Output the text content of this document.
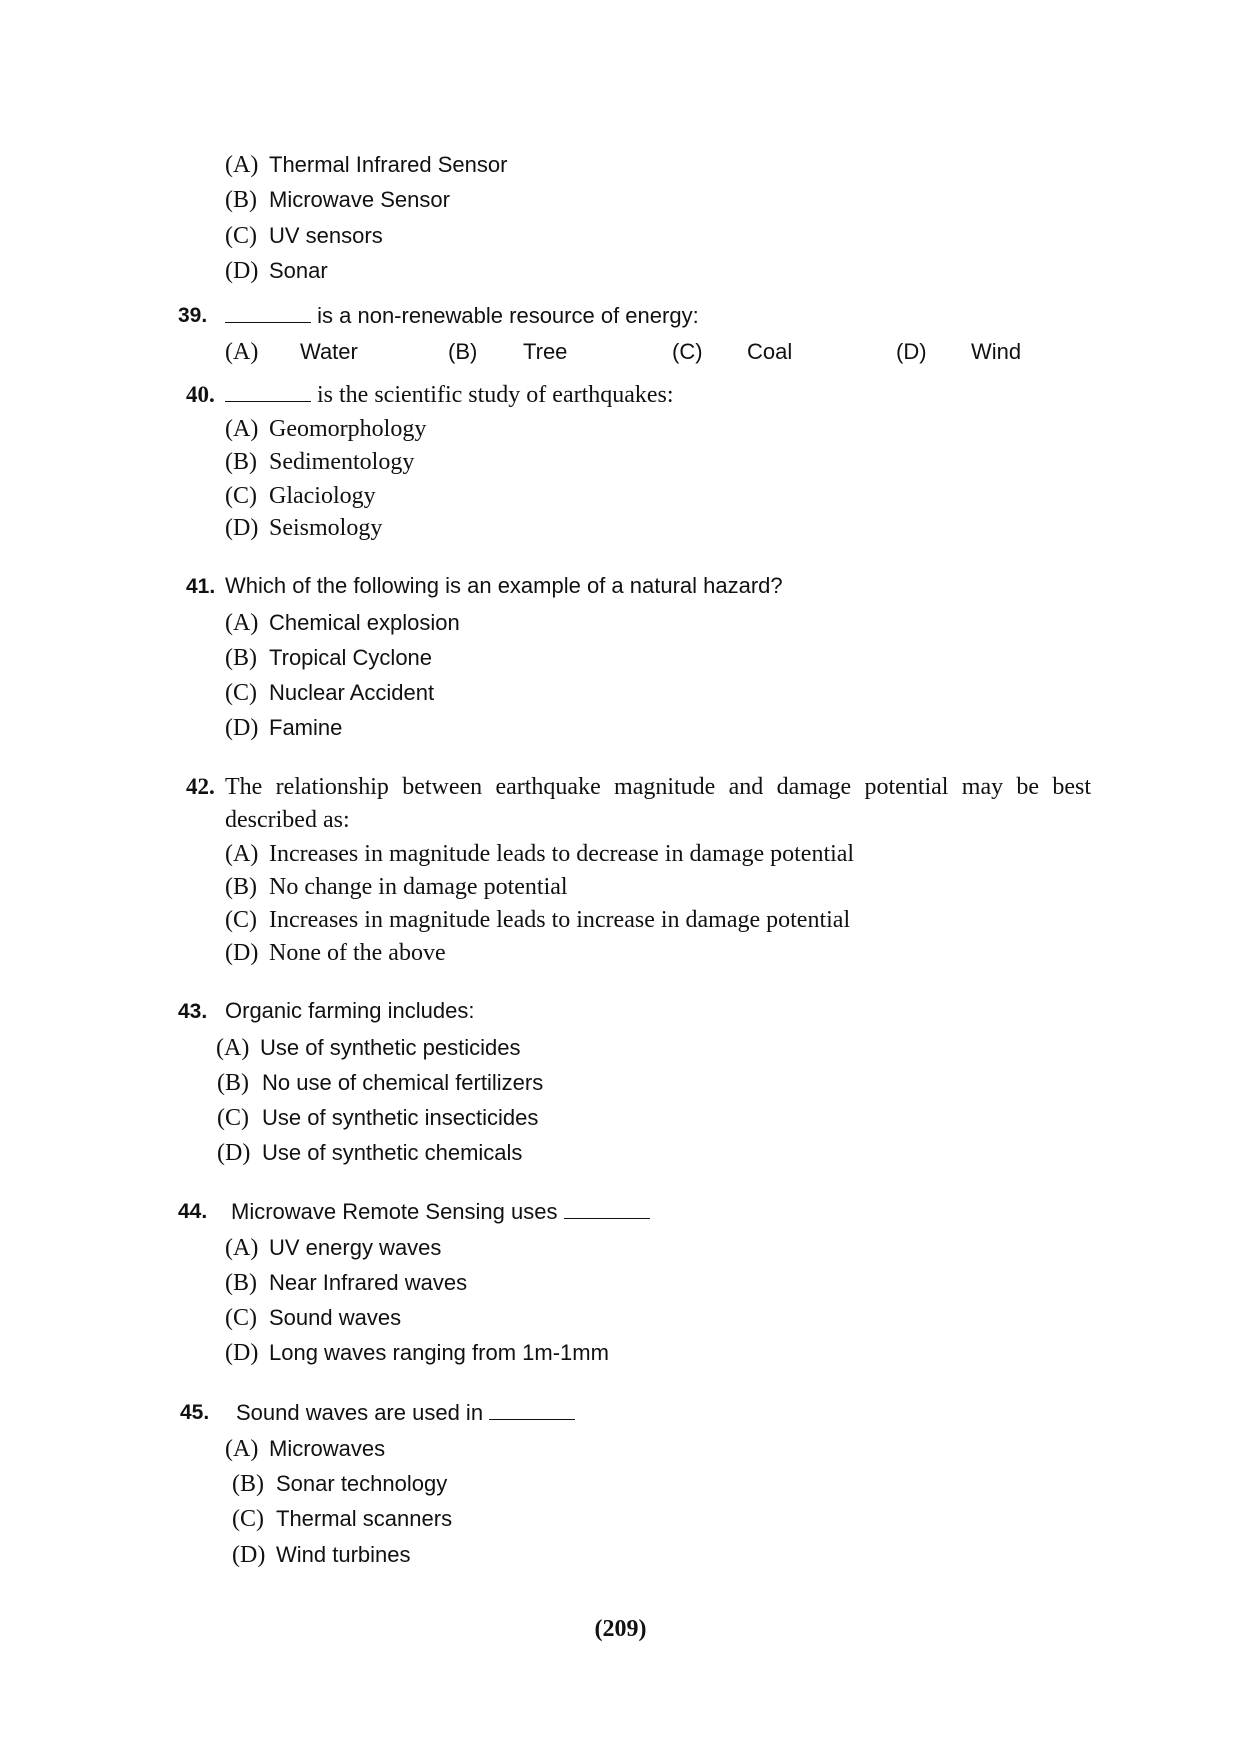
(A) Thermal Infrared Sensor
(B) Microwave Sensor
(C) UV sensors
(D) Sonar
39.	is a non-renewable resource of energy:
(A) Water	(B) Tree	(C) Coal	(D) Wind
40.	is the scientific study of earthquakes:
(A) Geomorphology
(B) Sedimentology
(C) Glaciology
(D) Seismology
41. Which of the following is an example of a natural hazard?
(A) Chemical explosion
(B) Tropical Cyclone
(C) Nuclear Accident
(D) Famine
42. The relationship between earthquake magnitude and damage potential may be best
described as:
(A) Increases in magnitude leads to decrease in damage potential
(B) No change in damage potential
(C) Increases in magnitude leads to increase in damage potential
(D) None of the above
43. Organic farming includes:
(A) Use of synthetic pesticides
(B) No use of chemical fertilizers
(C) Use of synthetic insecticides
(D) Use of synthetic chemicals
44. Microwave Remote Sensing uses
(A) UV energy waves
(B) Near Infrared waves
(C) Sound waves
(D) Long waves ranging from 1m-1mm
45. Sound waves are used in
(A) Microwaves
(B) Sonar technology
(C) Thermal scanners
(D) Wind turbines
(209)
